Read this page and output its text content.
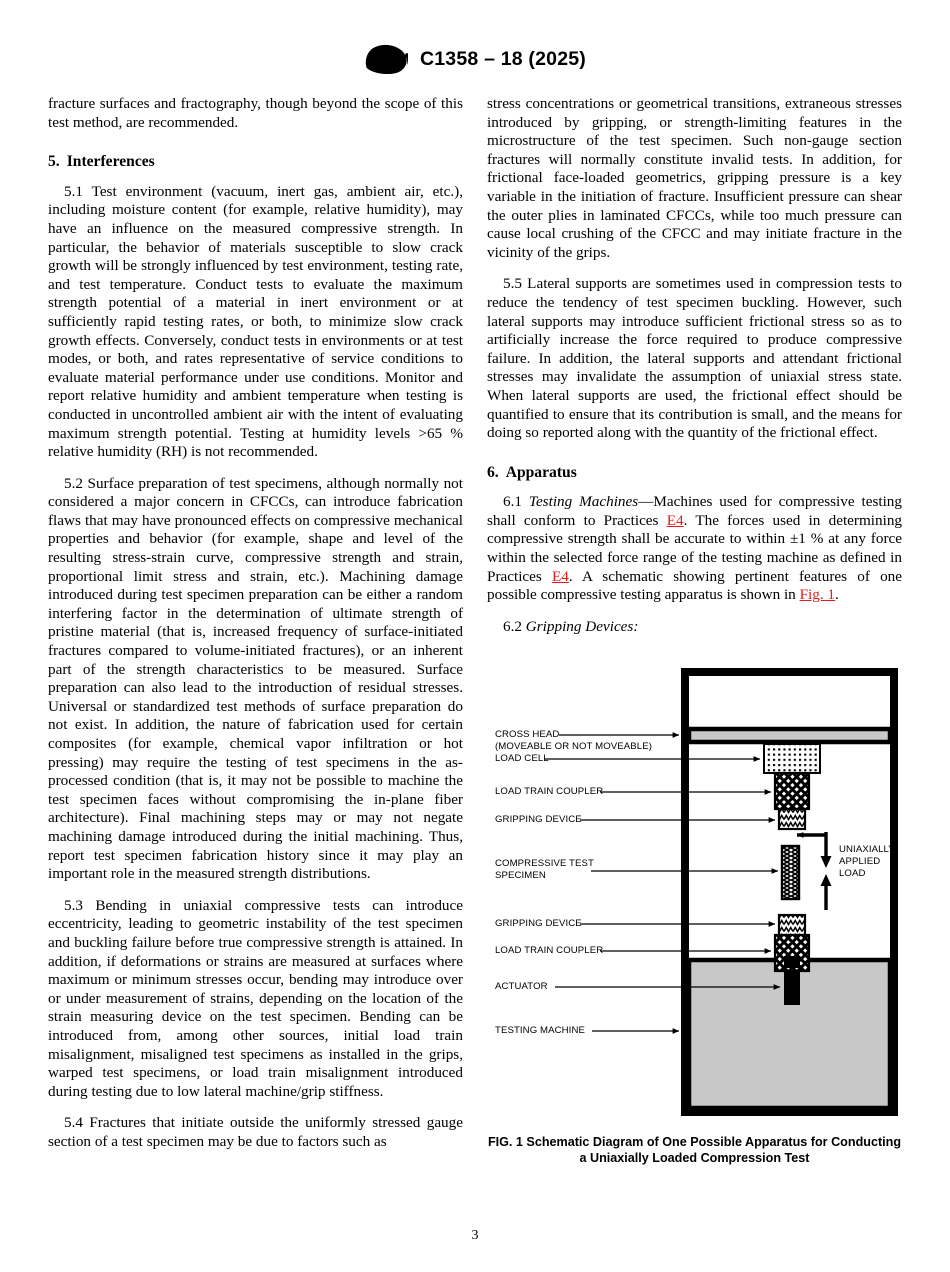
C1358 – 18 (2025)

fracture surfaces and fractography, though beyond the scope of this test method, are recommended.

5. Interferences

5.1 Test environment (vacuum, inert gas, ambient air, etc.), including moisture content (for example, relative humidity), may have an influence on the measured compressive strength. In particular, the behavior of materials susceptible to slow crack growth will be strongly influenced by test environment, testing rate, and test temperature. Conduct tests to evaluate the maximum strength potential of a material in inert environment or at sufficiently rapid testing rates, or both, to minimize slow crack growth effects. Conversely, conduct tests in environments or at test modes, or both, and rates representative of service conditions to evaluate material performance under use conditions. Monitor and report relative humidity and ambient temperature when testing is conducted in uncontrolled ambient air with the intent of evaluating maximum strength potential. Testing at humidity levels >65 % relative humidity (RH) is not recommended.

5.2 Surface preparation of test specimens, although normally not considered a major concern in CFCCs, can introduce fabrication flaws that may have pronounced effects on compressive mechanical properties and behavior (for example, shape and level of the resulting stress-strain curve, compressive strength and strain, proportional limit stress and strain, etc.). Machining damage introduced during test specimen preparation can be either a random interfering factor in the determination of ultimate strength of pristine material (that is, increased frequency of surface-initiated fractures compared to volume-initiated fractures), or an inherent part of the strength characteristics to be measured. Surface preparation can also lead to the introduction of residual stresses. Universal or standardized test methods of surface preparation do not exist. In addition, the nature of fabrication used for certain composites (for example, chemical vapor infiltration or hot pressing) may require the testing of test specimens in the as-processed condition (that is, it may not be possible to machine the test specimen faces without compromising the in-plane fiber architecture). Final machining steps may or may not negate machining damage introduced during the initial machining. Thus, report test specimen fabrication history since it may play an important role in the measured strength distributions.

5.3 Bending in uniaxial compressive tests can introduce eccentricity, leading to geometric instability of the test specimen and buckling failure before true compressive strength is attained. In addition, if deformations or strains are measured at surfaces where maximum or minimum stresses occur, bending may introduce over or under measurement of strains, depending on the location of the strain measuring device on the test specimen. Bending can be introduced from, among other sources, initial load train misalignment, misaligned test specimens as installed in the grips, warped test specimens, or load train misalignment introduced during testing due to low lateral machine/grip stiffness.

5.4 Fractures that initiate outside the uniformly stressed gauge section of a test specimen may be due to factors such as

stress concentrations or geometrical transitions, extraneous stresses introduced by gripping, or strength-limiting features in the microstructure of the test specimen. Such non-gauge section fractures will normally constitute invalid tests. In addition, for frictional face-loaded geometrics, gripping pressure is a key variable in the initiation of fracture. Insufficient pressure can shear the outer plies in laminated CFCCs, while too much pressure can cause local crushing of the CFCC and may initiate fracture in the vicinity of the grips.

5.5 Lateral supports are sometimes used in compression tests to reduce the tendency of test specimen buckling. However, such lateral supports may introduce sufficient frictional stress so as to artificially increase the force required to produce compressive failure. In addition, the lateral supports and attendant frictional stresses may invalidate the assumption of uniaxial stress state. When lateral supports are used, the frictional effect should be quantified to ensure that its contribution is small, and the means for doing so reported along with the quantity of the frictional effect.

6. Apparatus

6.1 Testing Machines—Machines used for compressive testing shall conform to Practices E4. The forces used in determining compressive strength shall be accurate to within ±1 % at any force within the selected force range of the testing machine as defined in Practices E4. A schematic showing pertinent features of one possible compressive testing apparatus is shown in Fig. 1.

6.2 Gripping Devices:

CROSS HEAD
(MOVEABLE OR NOT MOVEABLE)
LOAD CELL
LOAD TRAIN COUPLER
GRIPPING DEVICE
COMPRESSIVE TEST
SPECIMEN
GRIPPING DEVICE
LOAD TRAIN COUPLER
ACTUATOR
TESTING MACHINE
UNIAXIALLY-
APPLIED
LOAD
FIG. 1 Schematic Diagram of One Possible Apparatus for Conducting a Uniaxially Loaded Compression Test
3
